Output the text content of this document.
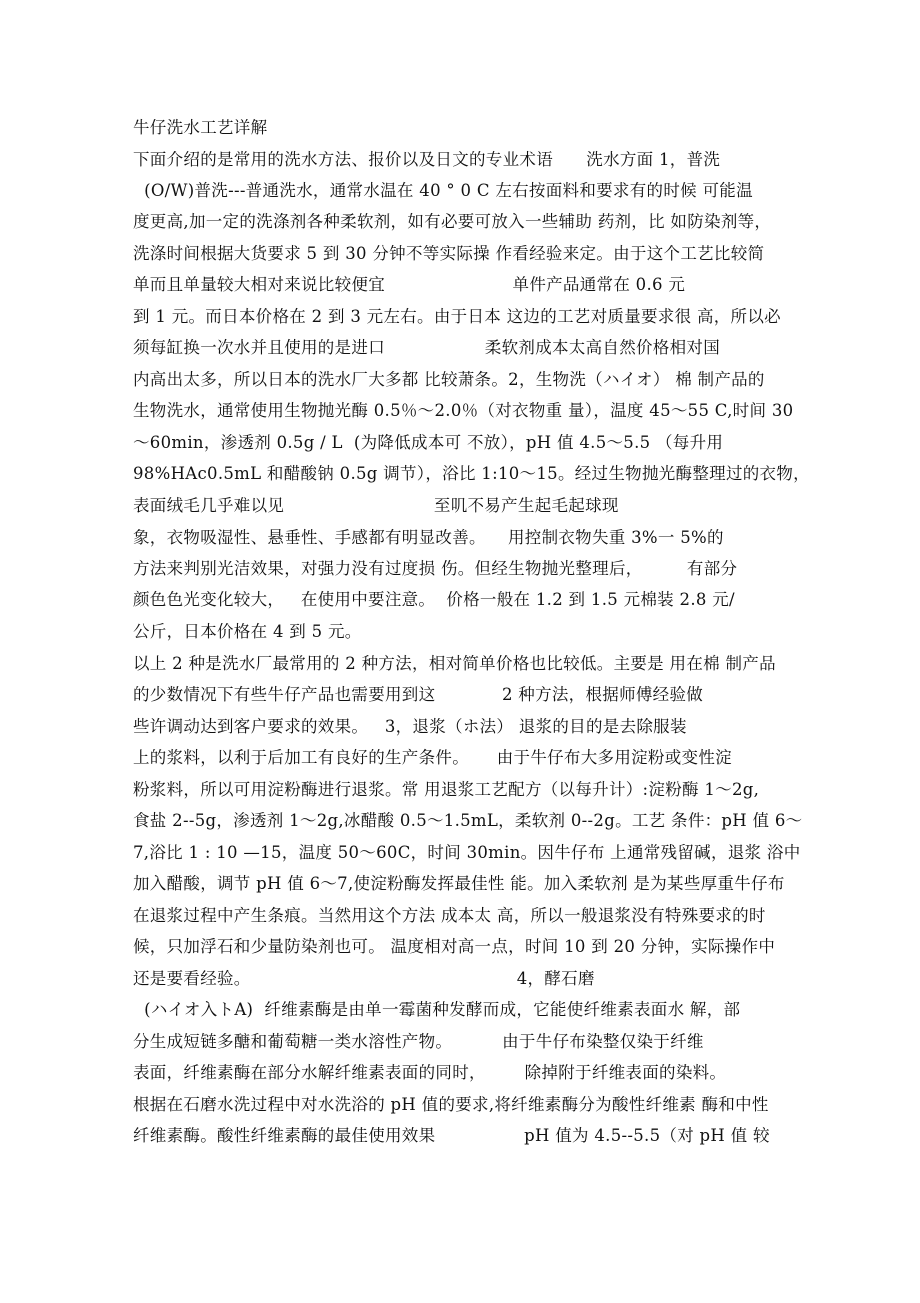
牛仔洗水工艺详解
下面介绍的是常用的洗水方法、报价以及日文的专业术语      洗水方面 1，普洗
(O/W)普洗---普通洗水，通常水温在 40 ° 0 C 左右按面料和要求有的时候 可能温
度更高,加一定的洗涤剂各种柔软剂，如有必要可放入一些辅助 药剂，比 如防染剂等，
洗涤时间根据大货要求 5 到 30 分钟不等实际操 作看经验来定。由于这个工艺比较简
单而且单量较大相对来说比较便宜                       单件产品通常在 0.6 元
到 1 元。而日本价格在 2 到 3 元左右。由于日本 这边的工艺对质量要求很 高，所以必
须每缸换一次水并且使用的是进口                  柔软剂成本太高自然价格相对国
内高出太多，所以日本的洗水厂大多都 比较萧条。2，生物洗（ハイオ） 棉 制产品的
生物洗水，通常使用生物抛光酶 0.5％～2.0％（对衣物重 量），温度 45～55 C,时间 30
～60min，渗透剂 0.5g / L  (为降低成本可 不放），pH 值 4.5～5.5 （每升用
98%HAc0.5mL 和醋酸钠 0.5g 调节），浴比 1:10～15。经过生物抛光酶整理过的衣物，
表面绒毛几乎难以见                           至叽不易产生起毛起球现
象，衣物吸湿性、悬垂性、手感都有明显改善。    用控制衣物失重 3%一 5%的
方法来判别光洁效果，对强力没有过度损 伤。但经生物抛光整理后，        有部分
颜色色光变化较大，   在使用中要注意。  价格一般在 1.2 到 1.5 元棉装 2.8 元/
公斤，日本价格在 4 到 5 元。
以上 2 种是洗水厂最常用的 2 种方法，相对简单价格也比较低。主要是 用在棉 制产品
的少数情况下有些牛仔产品也需要用到这            2 种方法，根据师傅经验做
些许调动达到客户要求的效果。   3，退浆（ホ法） 退浆的目的是去除服装
上的浆料，以利于后加工有良好的生产条件。     由于牛仔布大多用淀粉或变性淀
粉浆料，所以可用淀粉酶进行退浆。常 用退浆工艺配方（以每升计）:淀粉酶 1～2g,
食盐 2--5g，渗透剂 1～2g,冰醋酸 0.5～1.5mL，柔软剂 0--2g。工艺 条件：pH 值 6～
7,浴比 1 : 10 —15，温度 50～60C，时间 30min。因牛仔布 上通常残留碱，退浆 浴中
加入醋酸，调节 pH 值 6～7,使淀粉酶发挥最佳性 能。加入柔软剂 是为某些厚重牛仔布
在退浆过程中产生条痕。当然用这个方法 成本太 高，所以一般退浆没有特殊要求的时
候，只加浮石和少量防染剂也可。 温度相对高一点，时间 10 到 20 分钟，实际操作中
还是要看经验。                                                4，酵石磨
(ハイオ入トA)  纤维素酶是由单一霉菌种发酵而成，它能使纤维素表面水 解，部
分生成短链多醣和葡萄糖一类水溶性产物。         由于牛仔布染整仅染于纤维
表面，纤维素酶在部分水解纤维素表面的同时，       除掉附于纤维表面的染料。
根据在石磨水洗过程中对水洗浴的 pH 值的要求,将纤维素酶分为酸性纤维素 酶和中性
纤维素酶。酸性纤维素酶的最佳使用效果                pH 值为 4.5--5.5（对 pH 值 较
